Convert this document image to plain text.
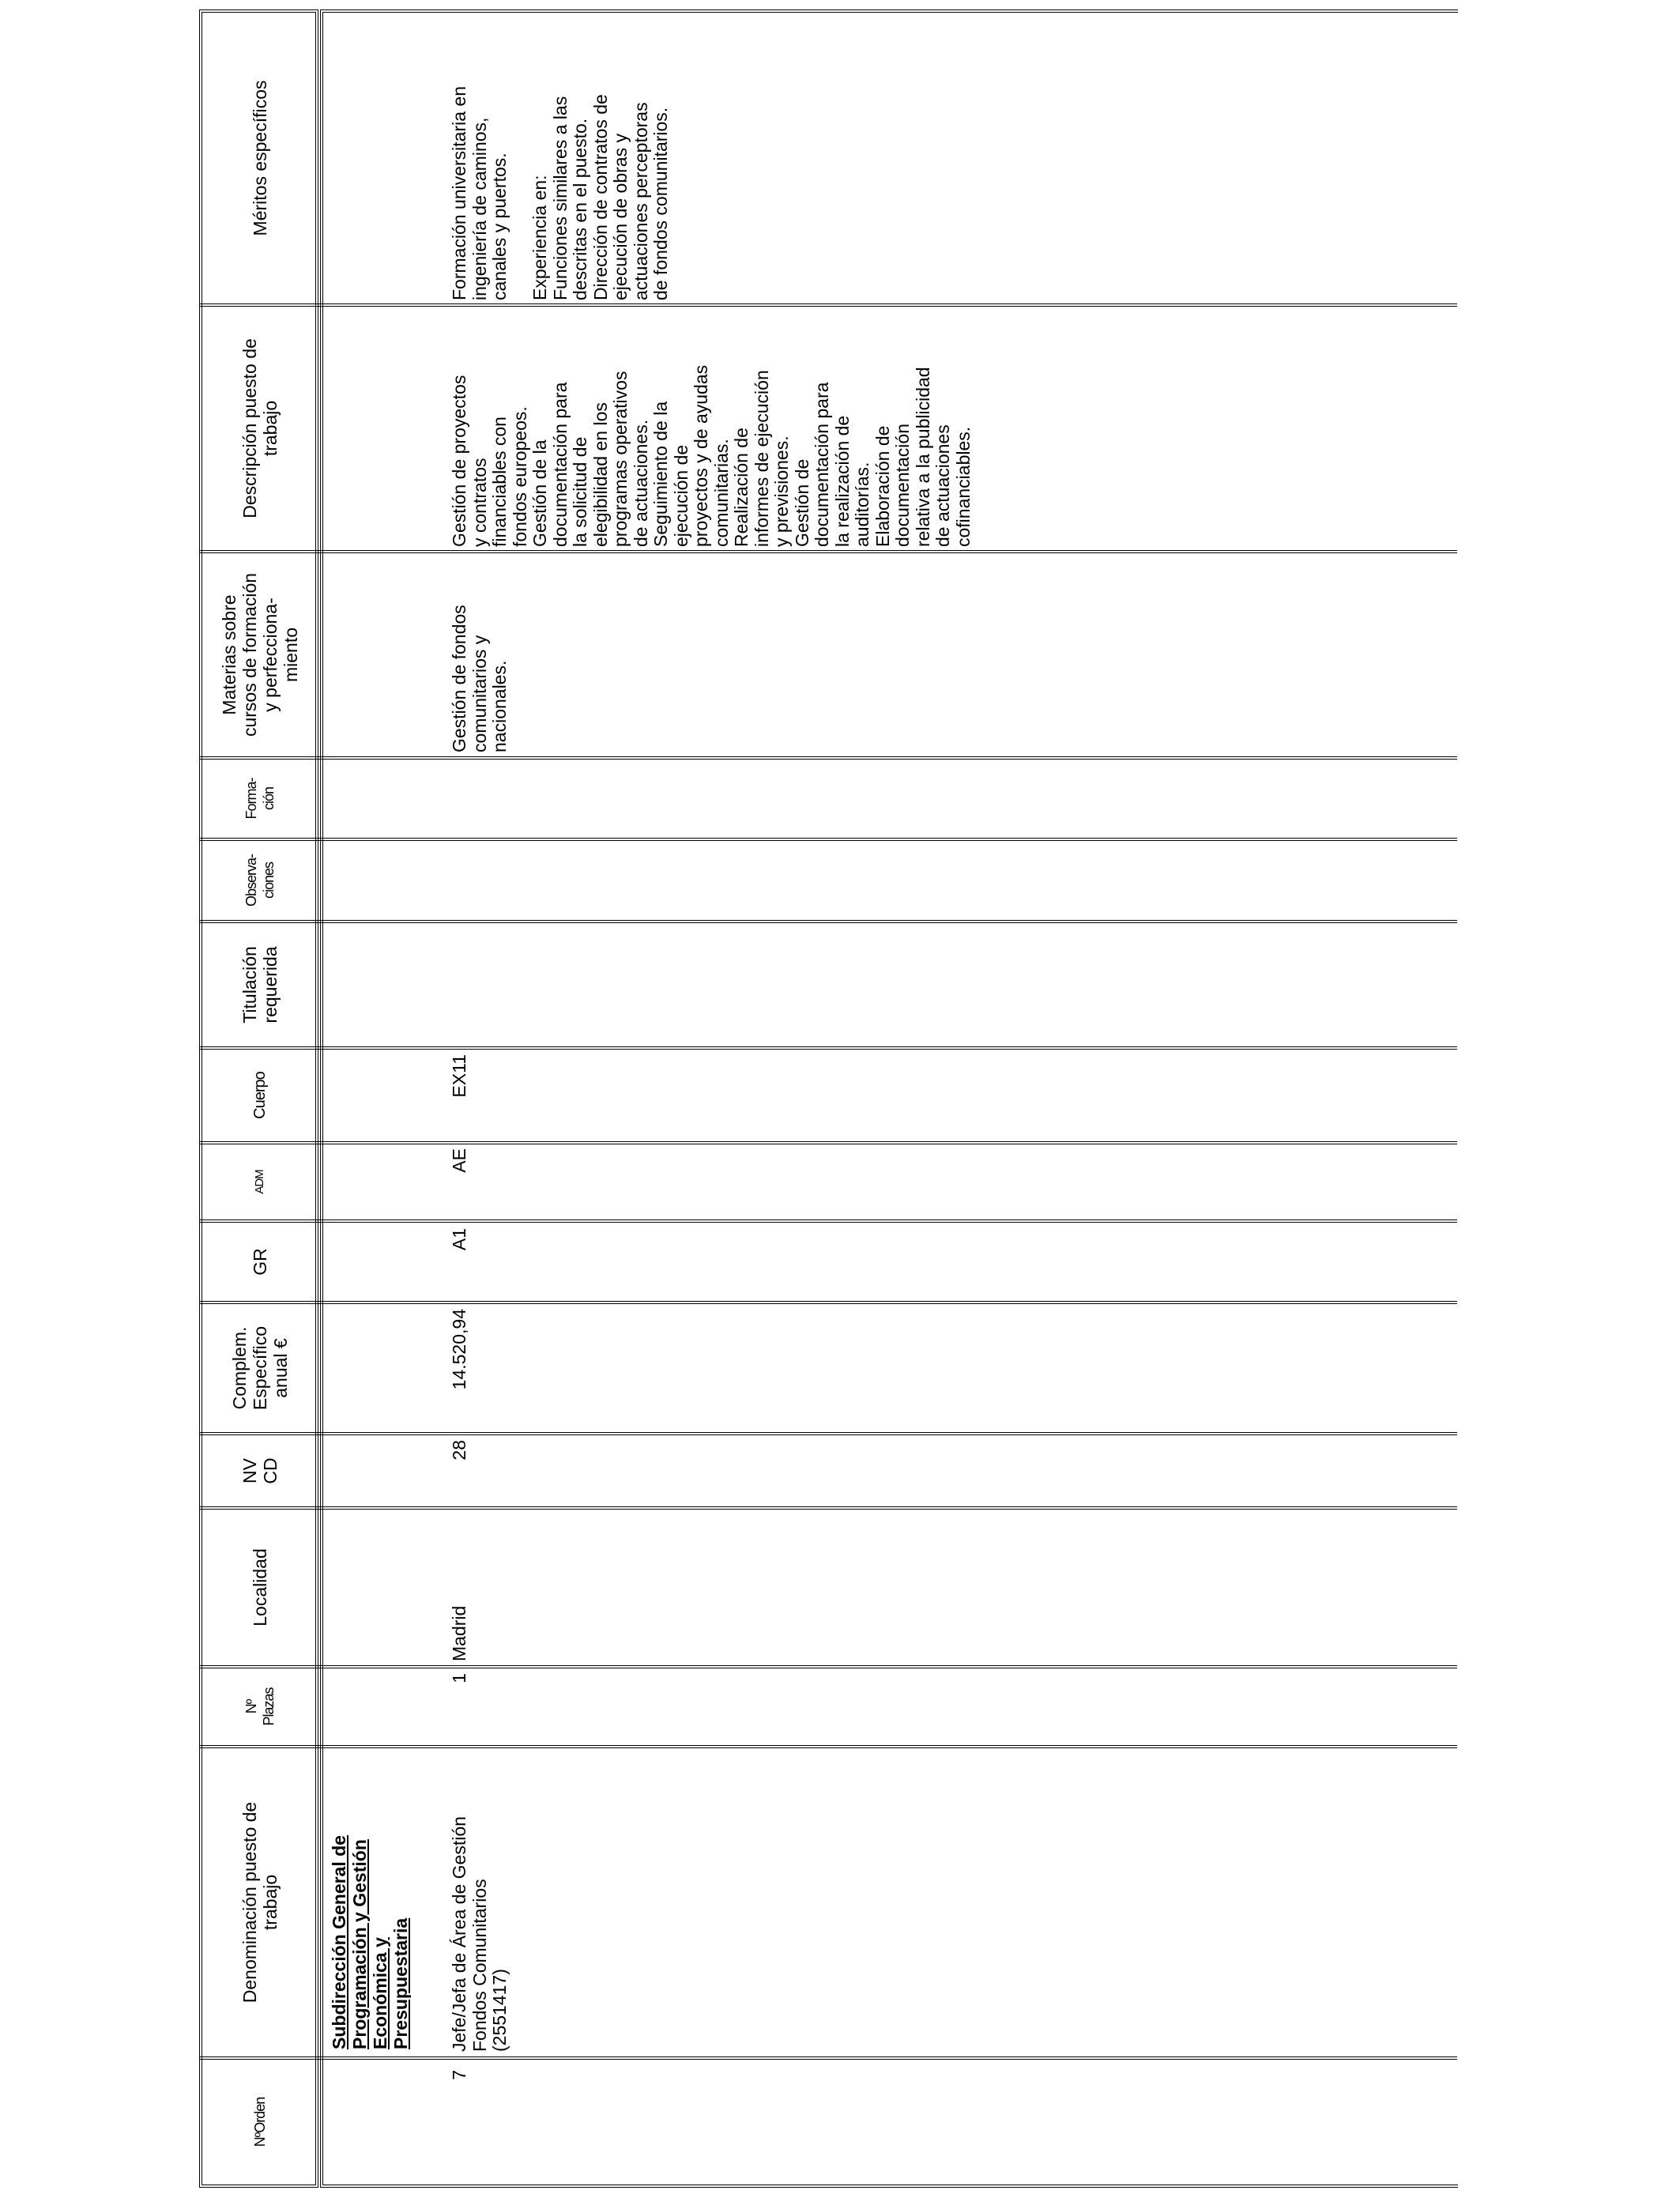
NºOrden
Denominación puesto de
trabajo
Nº
Plazas
Localidad
NV
CD
Complem.
Específico
anual €
GR
ADM
Cuerpo
Titulación
requerida
Observa-
ciones
Forma-
ción
Materias sobre
cursos de formación
y perfecciona-
miento
Descripción puesto de
trabajo
Méritos específicos
Subdirección General de
Programación y Gestión
Económica y
Presupuestaria
7
Jefe/Jefa de Área de Gestión
Fondos Comunitarios
(2551417)
1
Madrid
28
14.520,94
A1
AE
EX11
Gestión de fondos
comunitarios y
nacionales.
Gestión de proyectos
y contratos
financiables con
fondos europeos.
Gestión de la
documentación para
la solicitud de
elegibilidad en los
programas operativos
de actuaciones.
Seguimiento de la
ejecución de
proyectos y de ayudas
comunitarias.
Realización de
informes de ejecución
y previsiones.
Gestión de
documentación para
la realización de
auditorías.
Elaboración de
documentación
relativa a la publicidad
de actuaciones
cofinanciables.
Formación universitaria en
ingeniería de caminos,
canales y puertos.

Experiencia en:
Funciones similares a las
descritas en el puesto.
Dirección de contratos de
ejecución de obras y
actuaciones perceptoras
de fondos comunitarios.
